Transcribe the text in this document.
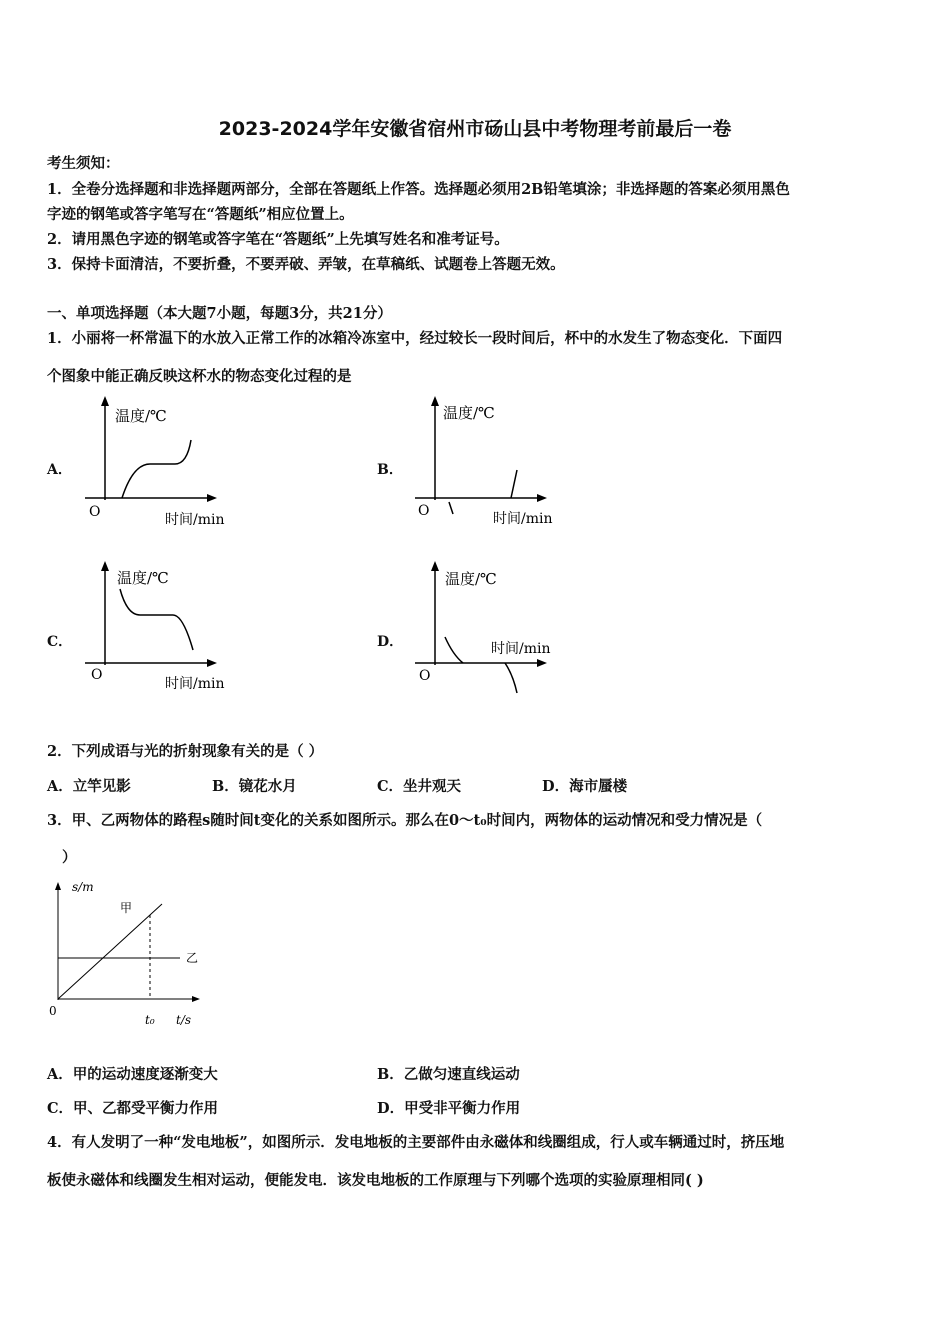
2023-2024学年安徽省宿州市砀山县中考物理考前最后一卷
考生须知：
1．全卷分选择题和非选择题两部分，全部在答题纸上作答。选择题必须用2B铅笔填涂；非选择题的答案必须用黑色
字迹的钢笔或答字笔写在“答题纸”相应位置上。
2．请用黑色字迹的钢笔或答字笔在“答题纸”上先填写姓名和准考证号。
3．保持卡面清洁，不要折叠，不要弄破、弄皱，在草稿纸、试题卷上答题无效。
一、单项选择题（本大题7小题，每题3分，共21分）
1．小丽将一杯常温下的水放入正常工作的冰箱冷冻室中，经过较长一段时间后，杯中的水发生了物态变化．下面四
个图象中能正确反映这杯水的物态变化过程的是
A．
温度/℃
时间/min
O
B．
温度/℃
时间/min
O
C．
温度/℃
时间/min
O
D．
温度/℃
时间/min
O
2．下列成语与光的折射现象有关的是（ ）
A．立竿见影	B．镜花水月	C．坐井观天	D．海市蜃楼
3．甲、乙两物体的路程s随时间t变化的关系如图所示。那么在0～t₀时间内，两物体的运动情况和受力情况是（
）
s/m
t/s
0
t₀
甲
乙
A．甲的运动速度逐渐变大	B．乙做匀速直线运动
C．甲、乙都受平衡力作用	D．甲受非平衡力作用
4．有人发明了一种“发电地板”，如图所示．发电地板的主要部件由永磁体和线圈组成，行人或车辆通过时，挤压地
板使永磁体和线圈发生相对运动，便能发电．该发电地板的工作原理与下列哪个选项的实验原理相同( )
